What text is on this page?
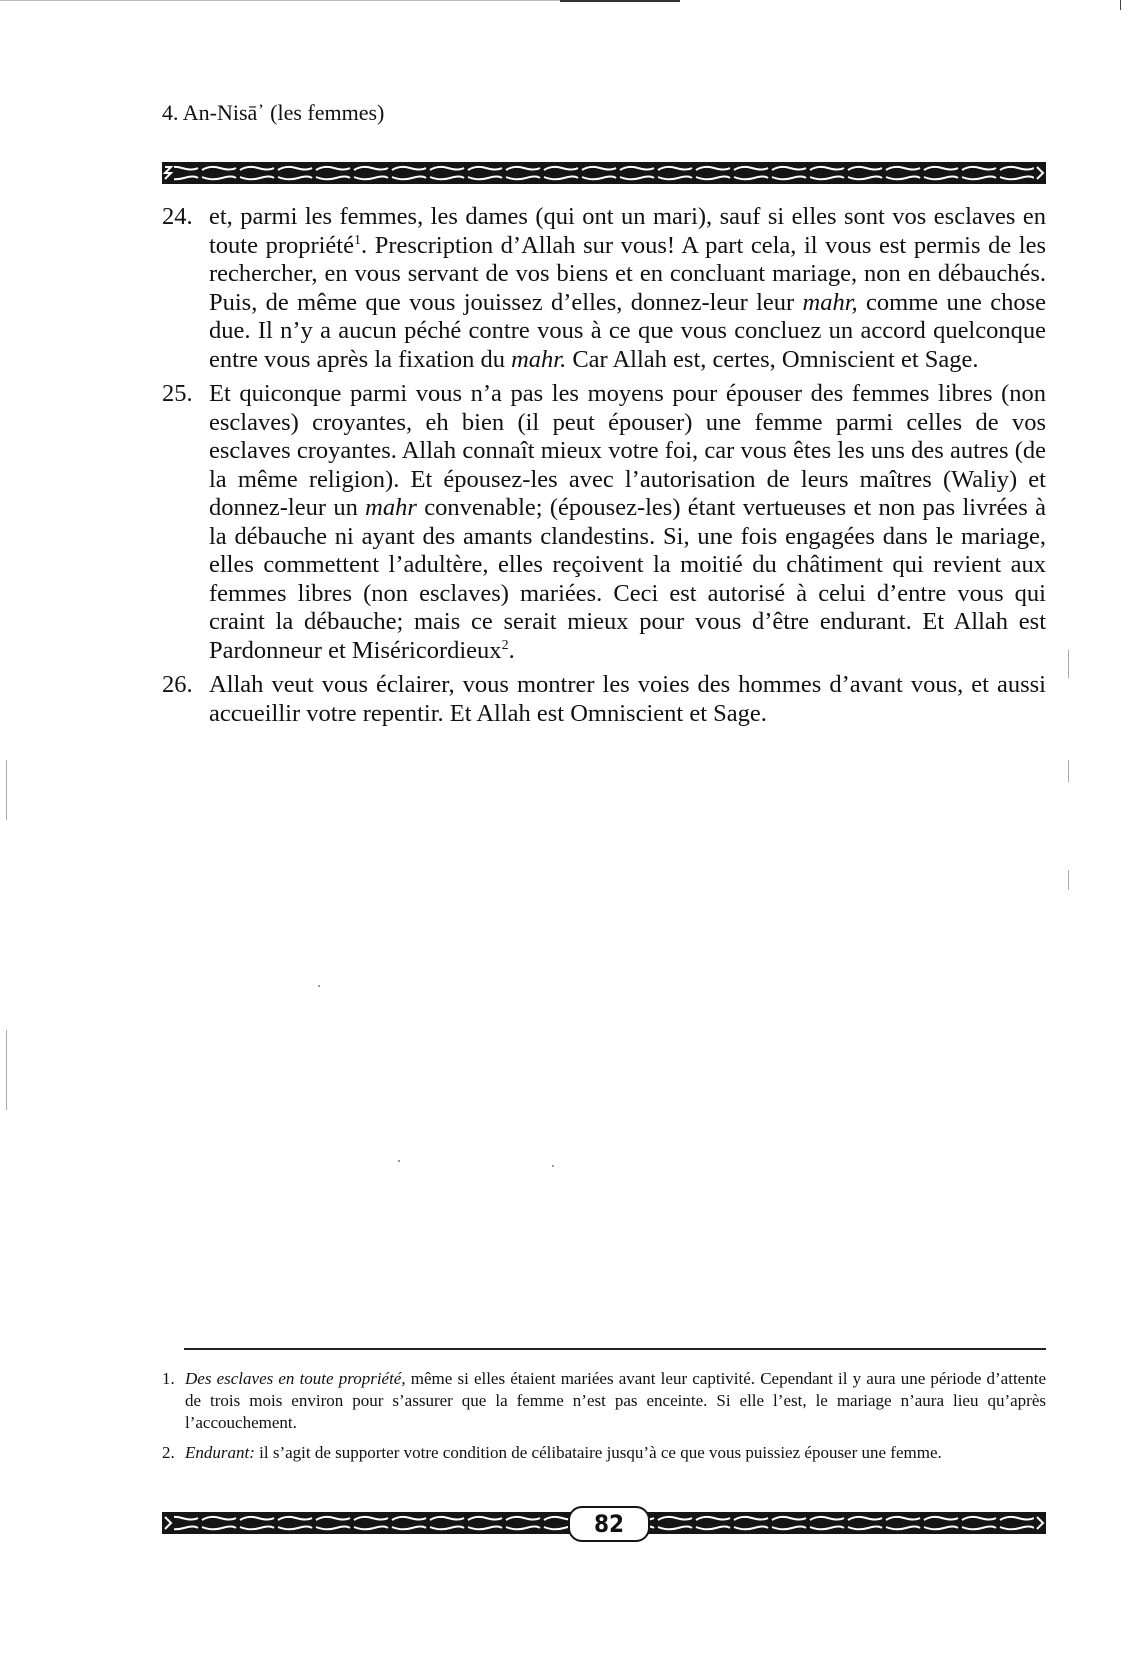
4. An-Nisā᾿ (les femmes)
24. et, parmi les femmes, les dames (qui ont un mari), sauf si elles sont vos esclaves en toute propriété$^1$. Prescription d’Allah sur vous! A part cela, il vous est permis de les rechercher, en vous servant de vos biens et en concluant mariage, non en débauchés. Puis, de même que vous jouissez d’elles, donnez-leur leur mahr, comme une chose due. Il n’y a aucun péché contre vous à ce que vous concluez un accord quelconque entre vous après la fixation du mahr. Car Allah est, certes, Omniscient et Sage.
25. Et quiconque parmi vous n’a pas les moyens pour épouser des femmes libres (non esclaves) croyantes, eh bien (il peut épouser) une femme parmi celles de vos esclaves croyantes. Allah connaît mieux votre foi, car vous êtes les uns des autres (de la même religion). Et épousez-les avec l’autorisation de leurs maîtres (Waliy) et donnez-leur un mahr convenable; (épousez-les) étant vertueuses et non pas livrées à la débauche ni ayant des amants clandestins. Si, une fois engagées dans le mariage, elles commettent l’adultère, elles reçoivent la moitié du châtiment qui revient aux femmes libres (non esclaves) mariées. Ceci est autorisé à celui d’entre vous qui craint la débauche; mais ce serait mieux pour vous d’être endurant. Et Allah est Pardonneur et Miséricordieux$^2$.
26. Allah veut vous éclairer, vous montrer les voies des hommes d’avant vous, et aussi accueillir votre repentir. Et Allah est Omniscient et Sage.
1. Des esclaves en toute propriété, même si elles étaient mariées avant leur captivité. Cependant il y aura une période d’attente de trois mois environ pour s’assurer que la femme n’est pas enceinte. Si elle l’est, le mariage n’aura lieu qu’après l’accouchement.
2. Endurant: il s’agit de supporter votre condition de célibataire jusqu’à ce que vous puissiez épouser une femme.
82
